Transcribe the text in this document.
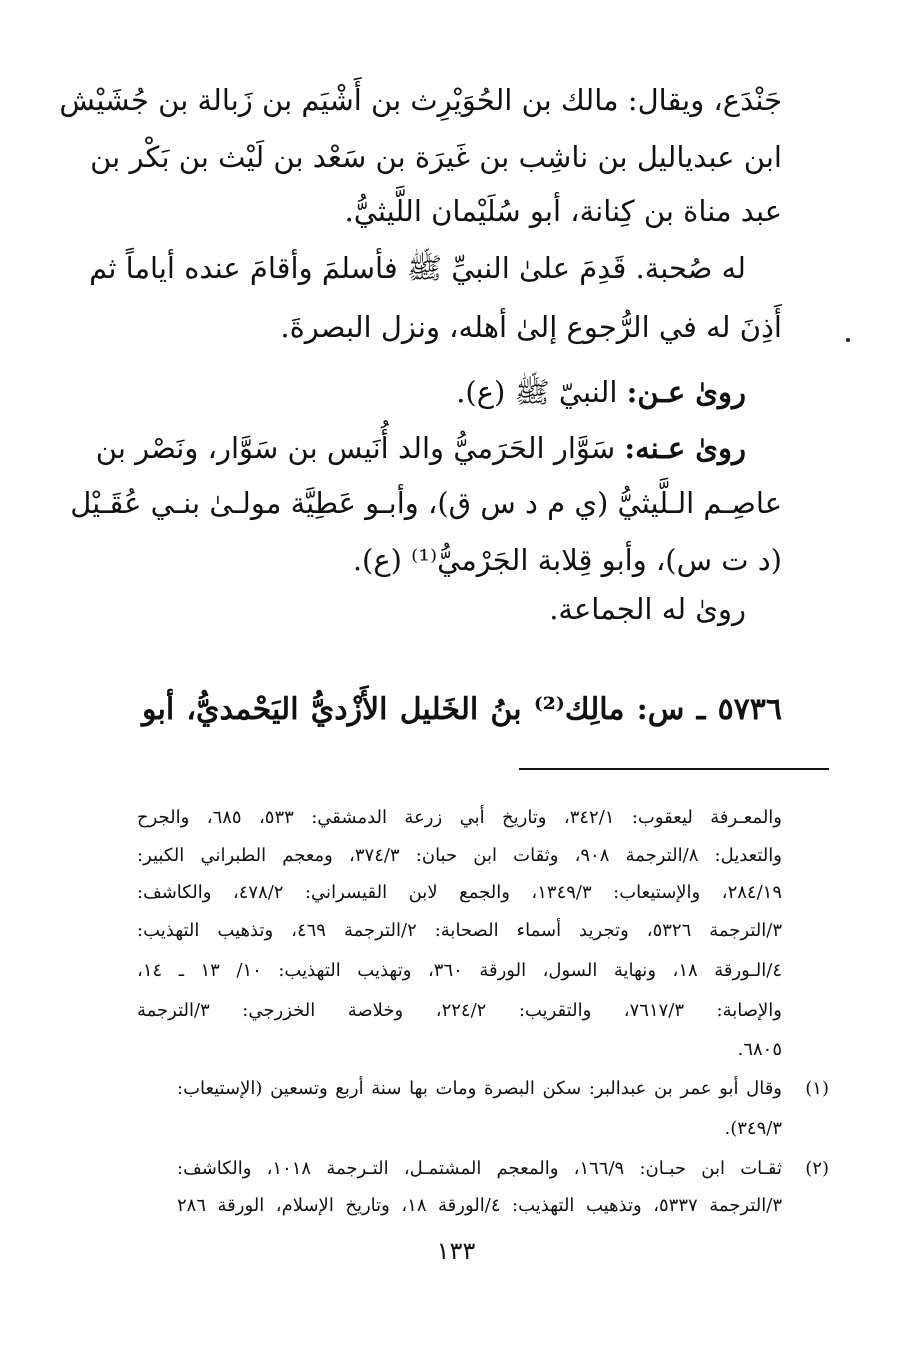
جَنْدَع، ويقال: مالك بن الحُوَيْرِث بن أَشْيَم بن زَبالة بن جُشَيْش
ابن عبدياليل بن ناشِب بن غَيرَة بن سَعْد بن لَيْث بن بَكْر بن
عبد مناة بن كِنانة، أبو سُلَيْمان اللَّيثيُّ.
له صُحبة. قَدِمَ علىٰ النبيِّ ﷺ فأسلمَ وأقامَ عنده أياماً ثم
أَذِنَ له في الرُّجوع إلىٰ أهله، ونزل البصرةَ.
روىٰ عـن: النبيّ ﷺ (ع).
روىٰ عـنه: سَوَّار الحَرَميُّ والد أُنَيس بن سَوَّار، ونَصْر بن
عاصِـم الـلَّيثيُّ (ي م د س ق)، وأبـو عَطِيَّة مولـىٰ بنـي عُقَـيْل
(د ت س)، وأبو قِلابة الجَرْميُّ⁽¹⁾ (ع).
روىٰ له الجماعة.
٥٧٣٦ ـ س: مالِك⁽²⁾ بنُ الخَليل الأَزْديُّ اليَحْمديُّ، أبو
والمعـرفة ليعقوب: ٣٤٢/١، وتاريخ أبي زرعة الدمشقي: ٥٣٣، ٦٨٥، والجرح
والتعديل: ٨/الترجمة ٩٠٨، وثقات ابن حبان: ٣٧٤/٣، ومعجم الطبراني الكبير:
٢٨٤/١٩، والإستيعاب: ١٣٤٩/٣، والجمع لابن القيسراني: ٤٧٨/٢، والكاشف:
٣/الترجمة ٥٣٢٦، وتجريد أسماء الصحابة: ٢/الترجمة ٤٦٩، وتذهيب التهذيب:
٤/الـورقة ١٨، ونهاية السول، الورقة ٣٦٠، وتهذيب التهذيب: ١٠/ ١٣ ـ ١٤،
والإصابة: ٧٦١٧/٣، والتقريب: ٢٢٤/٢، وخلاصة الخزرجي: ٣/الترجمة
٦٨٠٥.
(١)
وقال أبو عمر بن عبدالبر: سكن البصرة ومات بها سنة أربع وتسعين (الإستيعاب:
٣٤٩/٣).
(٢)
ثقـات ابن حبـان: ١٦٦/٩، والمعجم المشتمـل، التـرجمة ١٠١٨، والكاشف:
٣/الترجمة ٥٣٣٧، وتذهيب التهذيب: ٤/الورقة ١٨، وتاريخ الإسلام، الورقة ٢٨٦
١٣٣
